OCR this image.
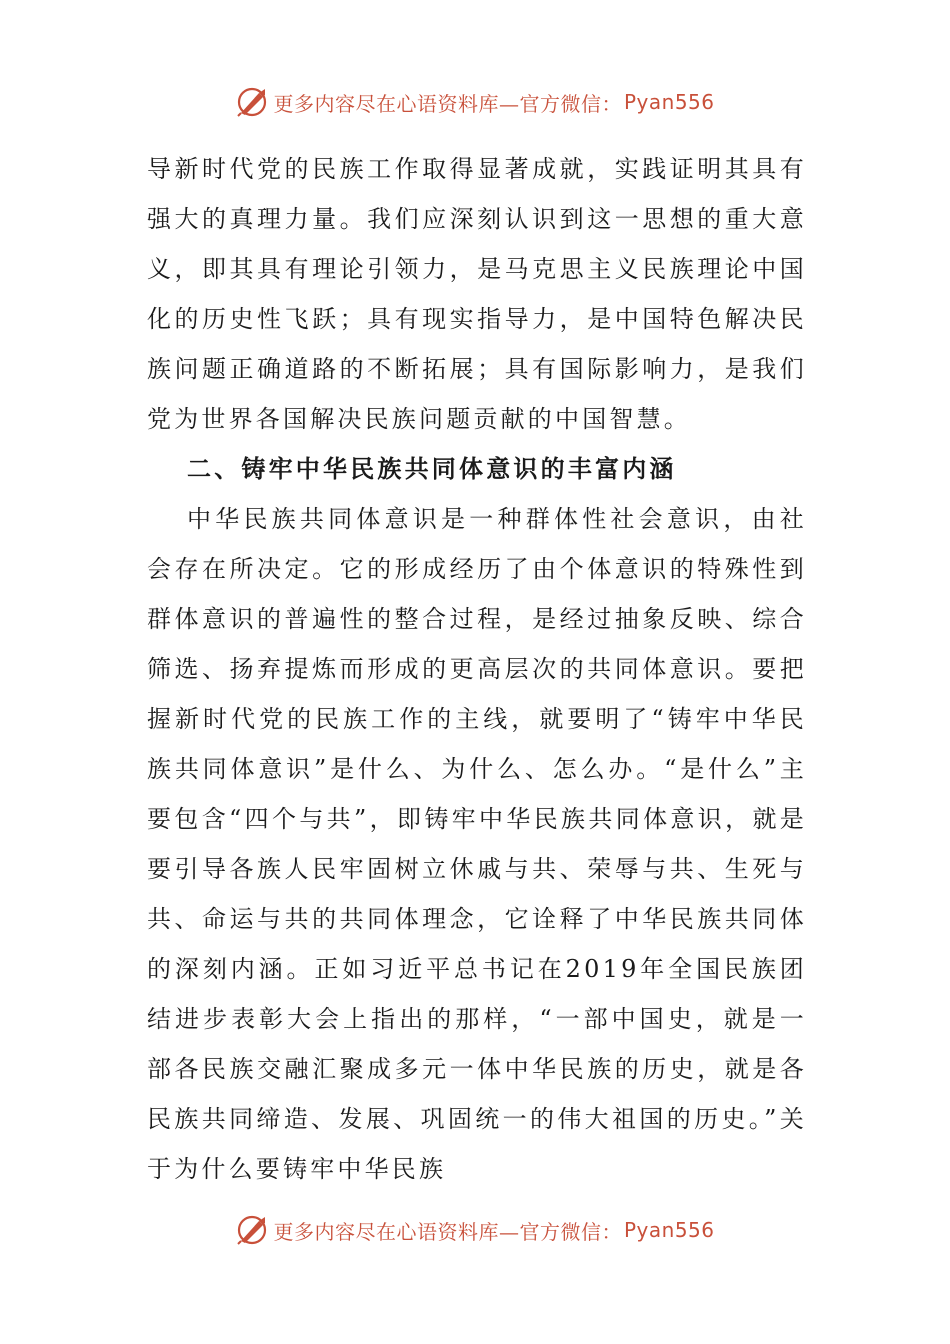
更多内容尽在心语资料库—官方微信： Pyan556

导新时代党的民族工作取得显著成就，实践证明其具有强大的真理力量。我们应深刻认识到这一思想的重大意义，即其具有理论引领力，是马克思主义民族理论中国化的历史性飞跃；具有现实指导力，是中国特色解决民族问题正确道路的不断拓展；具有国际影响力，是我们党为世界各国解决民族问题贡献的中国智慧。

二、铸牢中华民族共同体意识的丰富内涵

中华民族共同体意识是一种群体性社会意识，由社会存在所决定。它的形成经历了由个体意识的特殊性到群体意识的普遍性的整合过程，是经过抽象反映、综合筛选、扬弃提炼而形成的更高层次的共同体意识。要把握新时代党的民族工作的主线，就要明了“铸牢中华民族共同体意识”是什么、为什么、怎么办。“是什么”主要包含“四个与共”，即铸牢中华民族共同体意识，就是要引导各族人民牢固树立休戚与共、荣辱与共、生死与共、命运与共的共同体理念，它诠释了中华民族共同体的深刻内涵。正如习近平总书记在2019年全国民族团结进步表彰大会上指出的那样，“一部中国史，就是一部各民族交融汇聚成多元一体中华民族的历史，就是各民族共同缔造、发展、巩固统一的伟大祖国的历史。”关于为什么要铸牢中华民族

更多内容尽在心语资料库—官方微信： Pyan556
